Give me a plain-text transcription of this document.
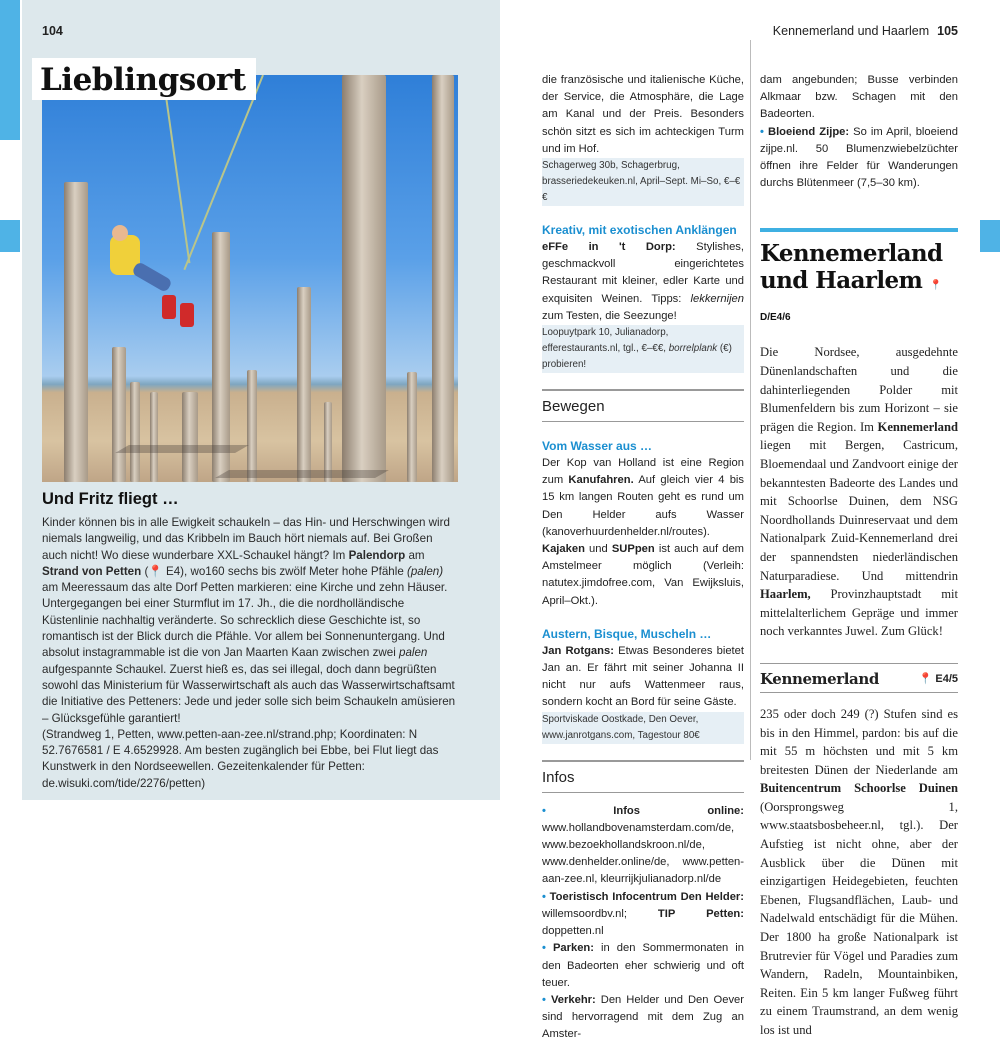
104	Kennemerland und Haarlem 105
Lieblingsort
Und Fritz fliegt …

Kinder können bis in alle Ewigkeit schaukeln – das Hin- und Herschwingen wird niemals langweilig, und das Kribbeln im Bauch hört niemals auf. Bei Großen auch nicht! Wo diese wunderbare XXL-Schaukel hängt? Im Palendorp am Strand von Petten (📍 E4), wo160 sechs bis zwölf Meter hohe Pfähle (palen) am Meeressaum das alte Dorf Petten markieren: eine Kirche und zehn Häuser. Untergegangen bei einer Sturmflut im 17. Jh., die die nordholländische Küstenlinie nachhaltig veränderte. So schrecklich diese Geschichte ist, so romantisch ist der Blick durch die Pfähle. Vor allem bei Sonnenuntergang. Und absolut instagrammable ist die von Jan Maarten Kaan zwischen zwei palen aufgespannte Schaukel. Zuerst hieß es, das sei illegal, doch dann begrüßten sowohl das Ministerium für Wasserwirtschaft als auch das Wasserwirtschaftsamt die Initiative des Petteners: Jede und jeder solle sich beim Schaukeln amüsieren – Glücksgefühle garantiert!
(Strandweg 1, Petten, www.petten-aan-zee.nl/strand.php; Koordinaten: N 52.7676581 / E 4.6529928. Am besten zugänglich bei Ebbe, bei Flut liegt das Kunstwerk in den Nordseewellen. Gezeitenkalender für Petten: de.wisuki.com/tide/2276/petten)

die französische und italienische Küche, der Service, die Atmosphäre, die Lage am Kanal und der Preis. Besonders schön sitzt es sich im achteckigen Turm und im Hof.
Schagerweg 30b, Schagerbrug, brasseriedekeuken.nl, April–Sept. Mi–So, €–€€
Kreativ, mit exotischen Anklängen
eFFe in 't Dorp: Stylishes, geschmackvoll eingerichtetes Restaurant mit kleiner, edler Karte und exquisiten Weinen. Tipps: lekkernijen zum Testen, die Seezunge!
Loopuytpark 10, Julianadorp, efferestaurants.nl, tgl., €–€€, borrelplank (€) probieren!
Bewegen
Vom Wasser aus …
Der Kop van Holland ist eine Region zum Kanufahren. Auf gleich vier 4 bis 15 km langen Routen geht es rund um Den Helder aufs Wasser (kanoverhuurdenhelder.nl/routes). Kajaken und SUPpen ist auch auf dem Amstelmeer möglich (Verleih: natutex.jimdofree.com, Van Ewijksluis, April–Okt.).
Austern, Bisque, Muscheln …
Jan Rotgans: Etwas Besonderes bietet Jan an. Er fährt mit seiner Johanna II nicht nur aufs Wattenmeer raus, sondern kocht an Bord für seine Gäste.
Sportviskade Oostkade, Den Oever, www.janrotgans.com, Tagestour 80€
Infos
• Infos online: www.hollandbovenamsterdam.com/de, www.bezoekhollandskroon.nl/de, www.denhelder.online/de, www.petten-aan-zee.nl, kleurrijkjulianadorp.nl/de
• Toeristisch Infocentrum Den Helder: willemsoordbv.nl; TIP Petten: doppetten.nl
• Parken: in den Sommermonaten in den Badeorten eher schwierig und oft teuer.
• Verkehr: Den Helder und Den Oever sind hervorragend mit dem Zug an Amster-
dam angebunden; Busse verbinden Alkmaar bzw. Schagen mit den Badeorten.
• Bloeiend Zijpe: So im April, bloeiend zijpe.nl. 50 Blumenzwiebelzüchter öffnen ihre Felder für Wanderungen durchs Blütenmeer (7,5–30 km).
Kennemerland
und Haarlem 📍D/E4/6
Die Nordsee, ausgedehnte Dünenlandschaften und die dahinterliegenden Polder mit Blumenfeldern bis zum Horizont – sie prägen die Region. Im Kennemerland liegen mit Bergen, Castricum, Bloemendaal und Zandvoort einige der bekanntesten Badeorte des Landes und mit Schoorlse Duinen, dem NSG Noordhollands Duinreservaat und dem Nationalpark Zuid-Kennemerland drei der spannendsten niederländischen Naturparadiese. Und mittendrin Haarlem, Provinzhauptstadt mit mittelalterlichem Gepräge und immer noch verkanntes Juwel. Zum Glück!
Kennemerland	📍 E4/5
235 oder doch 249 (?) Stufen sind es bis in den Himmel, pardon: bis auf die mit 55 m höchsten und mit 5 km breitesten Dünen der Niederlande am Buitencentrum Schoorlse Duinen (Oorsprongsweg 1, www.staatsbosbeheer.nl, tgl.). Der Aufstieg ist nicht ohne, aber der Ausblick über die Dünen mit einzigartigen Heidegebieten, feuchten Ebenen, Flugsandflächen, Laub- und Nadelwald entschädigt für die Mühen. Der 1800 ha große Nationalpark ist Brutrevier für Vögel und Paradies zum Wandern, Radeln, Mountainbiken, Reiten. Ein 5 km langer Fußweg führt zu einem Traumstrand, an dem wenig los ist und
